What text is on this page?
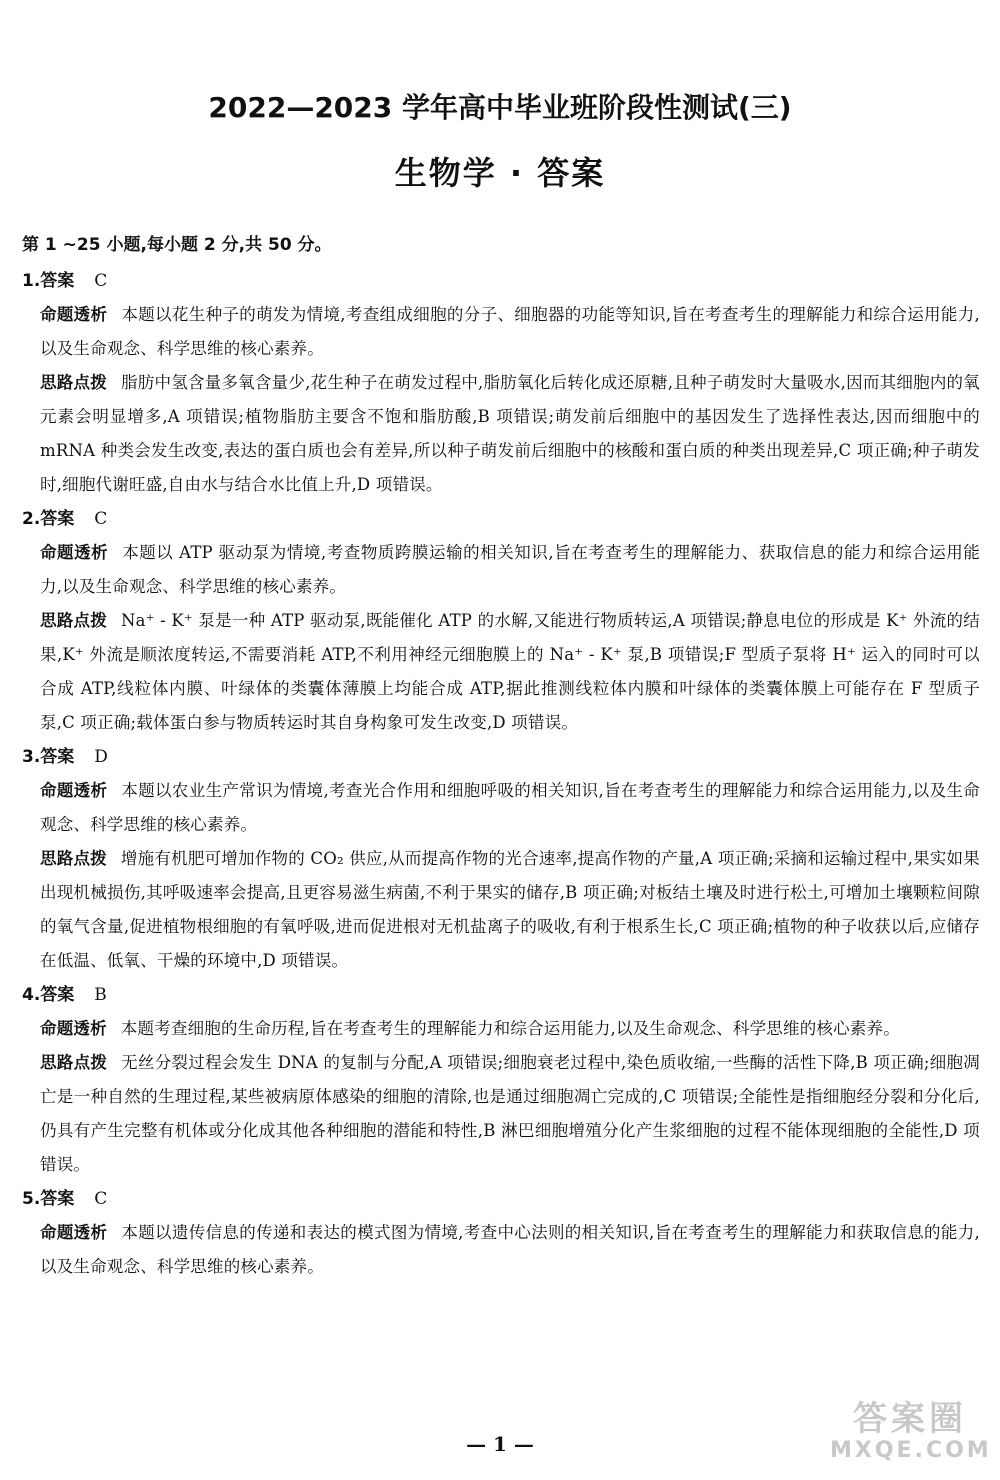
2022—2023 学年高中毕业班阶段性测试(三)
生物学 · 答案
第 1 ~25 小题,每小题 2 分,共 50 分。
1.答案 C

命题透析 本题以花生种子的萌发为情境,考查组成细胞的分子、细胞器的功能等知识,旨在考查考生的理解能力和综合运用能力,以及生命观念、科学思维的核心素养。

思路点拨 脂肪中氢含量多氧含量少,花生种子在萌发过程中,脂肪氧化后转化成还原糖,且种子萌发时大量吸水,因而其细胞内的氧元素会明显增多,A 项错误;植物脂肪主要含不饱和脂肪酸,B 项错误;萌发前后细胞中的基因发生了选择性表达,因而细胞中的 mRNA 种类会发生改变,表达的蛋白质也会有差异,所以种子萌发前后细胞中的核酸和蛋白质的种类出现差异,C 项正确;种子萌发时,细胞代谢旺盛,自由水与结合水比值上升,D 项错误。

2.答案 C

命题透析 本题以 ATP 驱动泵为情境,考查物质跨膜运输的相关知识,旨在考查考生的理解能力、获取信息的能力和综合运用能力,以及生命观念、科学思维的核心素养。

思路点拨 Na⁺ - K⁺ 泵是一种 ATP 驱动泵,既能催化 ATP 的水解,又能进行物质转运,A 项错误;静息电位的形成是 K⁺ 外流的结果,K⁺ 外流是顺浓度转运,不需要消耗 ATP,不利用神经元细胞膜上的 Na⁺ - K⁺ 泵,B 项错误;F 型质子泵将 H⁺ 运入的同时可以合成 ATP,线粒体内膜、叶绿体的类囊体薄膜上均能合成 ATP,据此推测线粒体内膜和叶绿体的类囊体膜上可能存在 F 型质子泵,C 项正确;载体蛋白参与物质转运时其自身构象可发生改变,D 项错误。

3.答案 D

命题透析 本题以农业生产常识为情境,考查光合作用和细胞呼吸的相关知识,旨在考查考生的理解能力和综合运用能力,以及生命观念、科学思维的核心素养。

思路点拨 增施有机肥可增加作物的 CO₂ 供应,从而提高作物的光合速率,提高作物的产量,A 项正确;采摘和运输过程中,果实如果出现机械损伤,其呼吸速率会提高,且更容易滋生病菌,不利于果实的储存,B 项正确;对板结土壤及时进行松土,可增加土壤颗粒间隙的氧气含量,促进植物根细胞的有氧呼吸,进而促进根对无机盐离子的吸收,有利于根系生长,C 项正确;植物的种子收获以后,应储存在低温、低氧、干燥的环境中,D 项错误。

4.答案 B

命题透析 本题考查细胞的生命历程,旨在考查考生的理解能力和综合运用能力,以及生命观念、科学思维的核心素养。

思路点拨 无丝分裂过程会发生 DNA 的复制与分配,A 项错误;细胞衰老过程中,染色质收缩,一些酶的活性下降,B 项正确;细胞凋亡是一种自然的生理过程,某些被病原体感染的细胞的清除,也是通过细胞凋亡完成的,C 项错误;全能性是指细胞经分裂和分化后,仍具有产生完整有机体或分化成其他各种细胞的潜能和特性,B 淋巴细胞增殖分化产生浆细胞的过程不能体现细胞的全能性,D 项错误。

5.答案 C

命题透析 本题以遗传信息的传递和表达的模式图为情境,考查中心法则的相关知识,旨在考查考生的理解能力和获取信息的能力,以及生命观念、科学思维的核心素养。

— 1 —
答案圈
MXQE.COM
